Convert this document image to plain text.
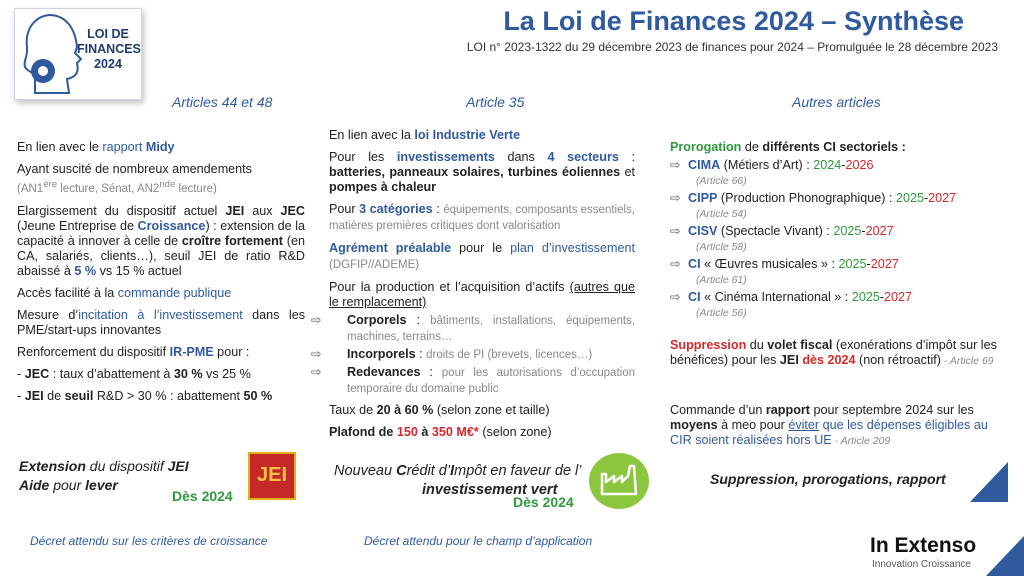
LOI DE
FINANCES
2024
La Loi de Finances 2024 – Synthèse
LOI n° 2023-1322 du 29 décembre 2023 de finances pour 2024 – Promulguée le 28 décembre 2023
Articles 44 et 48

En lien avec le rapport Midy

Ayant suscité de nombreux amendements
(AN1ère lecture, Sénat, AN2nde lecture)

Elargissement du dispositif actuel JEI aux JEC (Jeune Entreprise de Croissance) : extension de la capacité à innover à celle de croître fortement (en CA, salariés, clients…), seuil JEI de ratio R&D abaissé à 5 % vs 15 % actuel

Accès facilité à la commande publique

Mesure d’incitation à l’investissement dans les PME/start-ups innovantes

Renforcement du dispositif IR-PME pour :

- JEC : taux d’abattement à 30 % vs 25 %

- JEI de seuil R&D > 30 % : abattement 50 %

Extension du dispositif JEI
Aide pour lever
Dès 2024
JEI
Décret attendu sur les critères de croissance
Article 35

En lien avec la loi Industrie Verte

Pour les investissements dans 4 secteurs : batteries, panneaux solaires, turbines éoliennes et pompes à chaleur

Pour 3 catégories : équipements, composants essentiels, matières premières critiques dont valorisation

Agrément préalable pour le plan d’investissement (DGFIP//ADEME)

Pour la production et l’acquisition d’actifs (autres que le remplacement)

⇨ Corporels : bâtiments, installations, équipements, machines, terrains…
⇨ Incorporels : droits de PI (brevets, licences…)
⇨ Redevances : pour les autorisations d’occupation temporaire du domaine public

Taux de 20 à 60 % (selon zone et taille)

Plafond de 150 à 350 M€* (selon zone)

Nouveau Crédit d’Impôt en faveur de l’
investissement vert
Dès 2024
Décret attendu pour le champ d’application
Autres articles

Prorogation de différents CI sectoriels :

⇨ CIMA (Métiers d’Art) : 2024-2026
(Article 66)
⇨ CIPP (Production Phonographique) : 2025-2027
(Article 54)
⇨ CISV (Spectacle Vivant) : 2025-2027
(Article 58)
⇨ CI « Œuvres musicales » : 2025-2027
(Article 61)
⇨ CI « Cinéma International » : 2025-2027
(Article 56)
Suppression du volet fiscal (exonérations d’impôt sur les bénéfices) pour les JEI dès 2024 (non rétroactif) - Article 69
Commande d’un rapport pour septembre 2024 sur les moyens à meo pour éviter que les dépenses éligibles au CIR soient réalisées hors UE - Article 209
Suppression, prorogations, rapport
In Extenso
Innovation Croissance
